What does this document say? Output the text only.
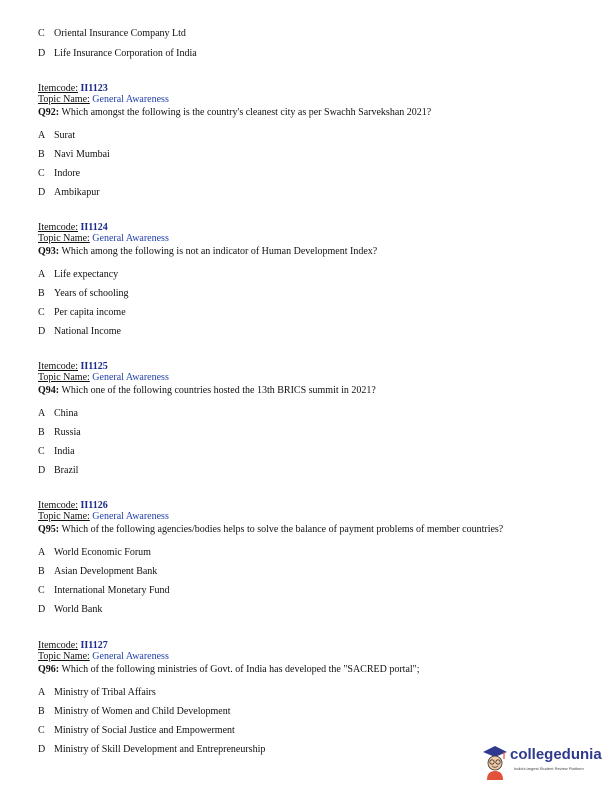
C Oriental Insurance Company Ltd
D Life Insurance Corporation of India
Itemcode: II1123
Topic Name: General Awareness
Q92: Which amongst the following is the country's cleanest city as per Swachh Sarvekshan 2021?
A Surat
B Navi Mumbai
C Indore
D Ambikapur
Itemcode: II1124
Topic Name: General Awareness
Q93: Which among the following is not an indicator of Human Development Index?
A Life expectancy
B Years of schooling
C Per capita income
D National Income
Itemcode: II1125
Topic Name: General Awareness
Q94: Which one of the following countries hosted the 13th BRICS summit in 2021?
A China
B Russia
C India
D Brazil
Itemcode: II1126
Topic Name: General Awareness
Q95: Which of the following agencies/bodies helps to solve the balance of payment problems of member countries?
A World Economic Forum
B Asian Development Bank
C International Monetary Fund
D World Bank
Itemcode: II1127
Topic Name: General Awareness
Q96: Which of the following ministries of Govt. of India has developed the "SACRED portal";
A Ministry of Tribal Affairs
B Ministry of Women and Child Development
C Ministry of Social Justice and Empowerment
D Ministry of Skill Development and Entrepreneurship	collegedunia
India's largest Student Review Platform
